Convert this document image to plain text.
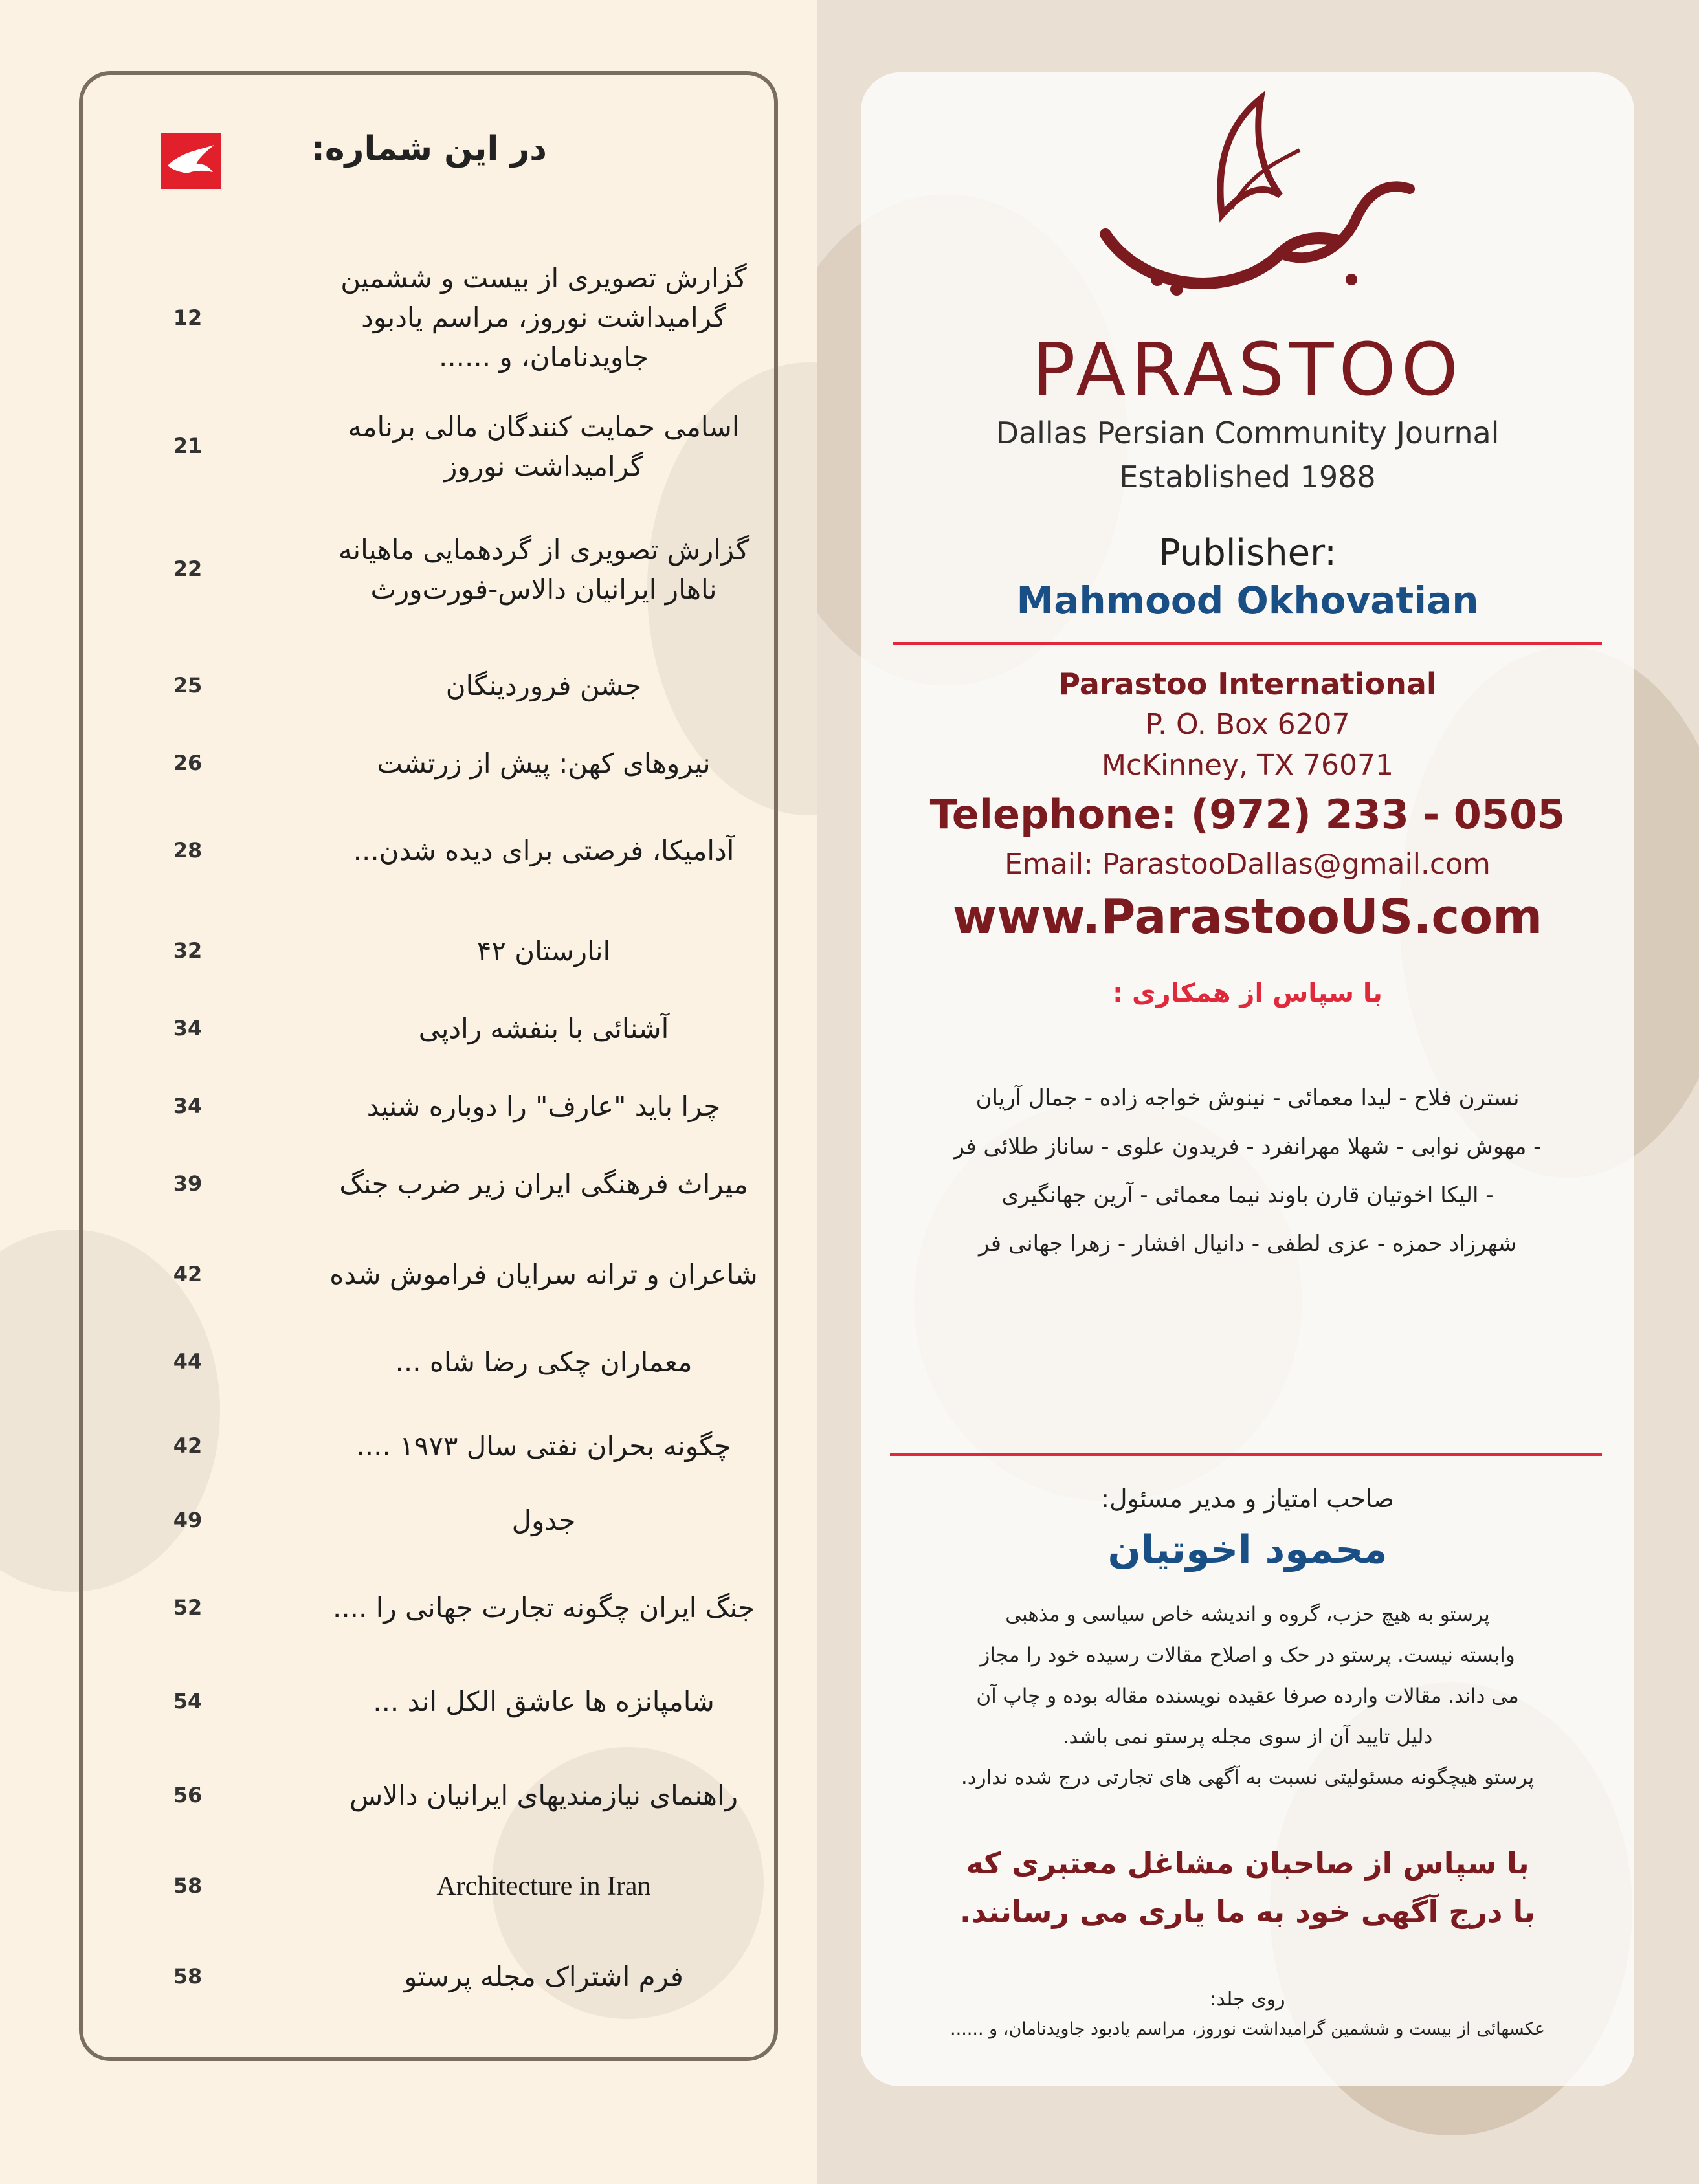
در این شماره:
گزارش تصویری از بیست و ششمین گرامیداشت نوروز، مراسم یادبود جاویدنامان، و ......
12
اسامی حمایت کنندگان مالی برنامه گرامیداشت نوروز
21
گزارش تصویری از گردهمایی ماهیانه ناهار ایرانیان دالاس-فورت‌ورث
22
جشن فروردینگان
25
نیروهای کهن: پیش از زرتشت
26
آدامیکا، فرصتی برای دیده شدن...
28
انارستان ۴۲
32
آشنائی با بنفشه رادپی
34
چرا باید "عارف" را دوباره شنید
34
میراث فرهنگی ایران زیر ضرب جنگ
39
شاعران و ترانه سرایان فراموش شده
42
معماران چکی رضا شاه ...
44
چگونه بحران نفتی سال ۱۹۷۳ ....
42
جدول
49
جنگ ایران چگونه تجارت جهانی را ....
52
شامپانزه ها عاشق الکل اند ...
54
راهنمای نیازمندیهای ایرانیان دالاس
56
Architecture in Iran
58
فرم اشتراک مجله پرستو
58
PARASTOO
Dallas Persian Community Journal
Established 1988
Publisher:
Mahmood Okhovatian
Parastoo International
P. O. Box 6207
McKinney, TX 76071
Telephone: (972) 233 - 0505
Email: ParastooDallas@gmail.com
www.ParastooUS.com
با سپاس از همکاری :
نسترن فلاح - لیدا معمائی - نینوش خواجه زاده - جمال آریان
- مهوش نوابی - شهلا مهرانفرد - فریدون علوی - ساناز طلائی فر
- الیکا اخوتیان قارن باوند نیما معمائی - آرین جهانگیری
شهرزاد حمزه - عزی لطفی - دانیال افشار - زهرا جهانی فر
صاحب امتیاز و مدیر مسئول:
محمود اخوتیان
پرستو به هیچ حزب، گروه و اندیشه خاص سیاسی و مذهبی
وابسته نیست. پرستو در حک و اصلاح مقالات رسیده خود را مجاز
می داند. مقالات وارده صرفا عقیده نویسنده مقاله بوده و چاپ آن
دلیل تایید آن از سوی مجله پرستو نمی باشد.
پرستو هیچگونه مسئولیتی نسبت به آگهی های تجارتی درج شده ندارد.
با سپاس از صاحبان مشاغل معتبری که
با درج آگهی خود به ما یاری می رسانند.
روی جلد:
عکسهائی از بیست و ششمین گرامیداشت نوروز، مراسم یادبود جاویدنامان، و ......
